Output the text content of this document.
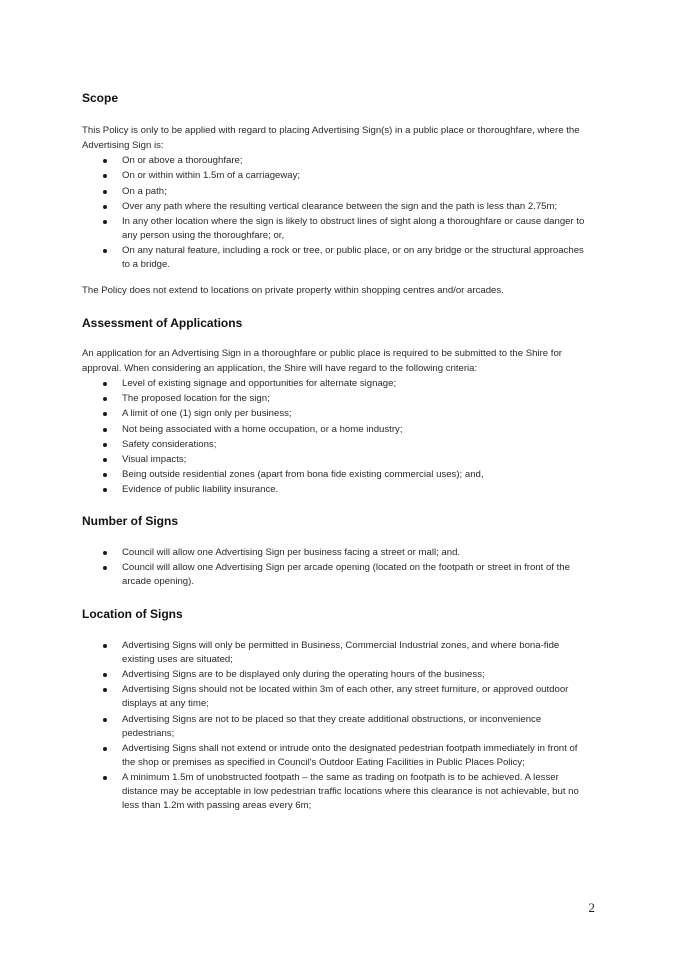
Scope

This Policy is only to be applied with regard to placing Advertising Sign(s) in a public place or thoroughfare, where the Advertising Sign is:

On or above a thoroughfare;
On or within within 1.5m of a carriageway;
On a path;
Over any path where the resulting vertical clearance between the sign and the path is less than 2.75m;
In any other location where the sign is likely to obstruct lines of sight along a thoroughfare or cause danger to any person using the thoroughfare; or,
On any natural feature, including a rock or tree, or public place, or on any bridge or the structural approaches to a bridge.

The Policy does not extend to locations on private property within shopping centres and/or arcades.

Assessment of Applications

An application for an Advertising Sign in a thoroughfare or public place is required to be submitted to the Shire for approval. When considering an application, the Shire will have regard to the following criteria:

Level of existing signage and opportunities for alternate signage;
The proposed location for the sign;
A limit of one (1) sign only per business;
Not being associated with a home occupation, or a home industry;
Safety considerations;
Visual impacts;
Being outside residential zones (apart from bona fide existing commercial uses); and,
Evidence of public liability insurance.
Number of Signs
Council will allow one Advertising Sign per business facing a street or mall; and.
Council will allow one Advertising Sign per arcade opening (located on the footpath or street in front of the arcade opening).
Location of Signs
Advertising Signs will only be permitted in Business, Commercial Industrial zones, and where bona-fide existing uses are situated;
Advertising Signs are to be displayed only during the operating hours of the business;
Advertising Signs should not be located within 3m of each other, any street furniture, or approved outdoor displays at any time;
Advertising Signs are not to be placed so that they create additional obstructions, or inconvenience pedestrians;
Advertising Signs shall not extend or intrude onto the designated pedestrian footpath immediately in front of the shop or premises as specified in Council's Outdoor Eating Facilities in Public Places Policy;
A minimum 1.5m of unobstructed footpath – the same as trading on footpath is to be achieved. A lesser distance may be acceptable in low pedestrian traffic locations where this clearance is not achievable, but no less than 1.2m with passing areas every 6m;
2
